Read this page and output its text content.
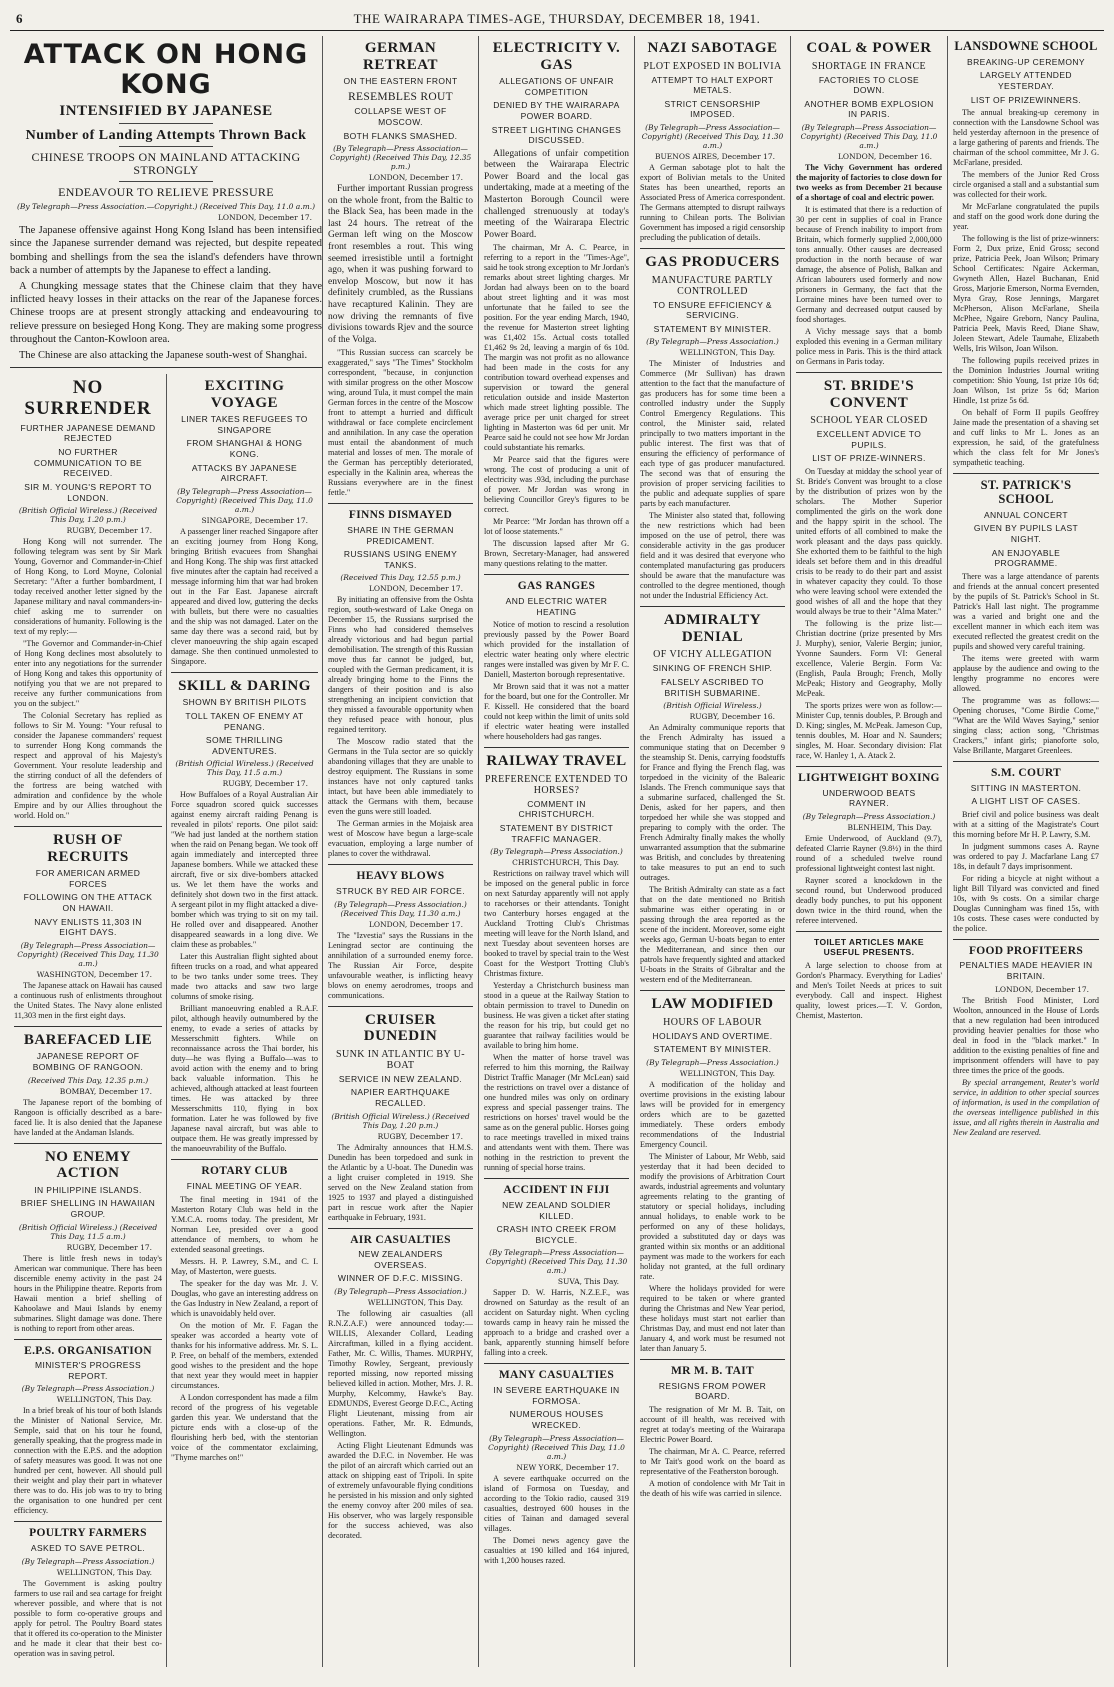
6	THE WAIRARAPA TIMES-AGE, THURSDAY, DECEMBER 18, 1941.
ATTACK ON HONG KONG
INTENSIFIED BY JAPANESE
Number of Landing Attempts Thrown Back
CHINESE TROOPS ON MAINLAND ATTACKING STRONGLY
ENDEAVOUR TO RELIEVE PRESSURE
(By Telegraph—Press Association.—Copyright.) (Received This Day, 11.0 a.m.)
LONDON, December 17.

The Japanese offensive against Hong Kong Island has been intensified since the Japanese surrender demand was rejected, but despite repeated bombing and shellings from the sea the island's defenders have thrown back a number of attempts by the Japanese to effect a landing.

A Chungking message states that the Chinese claim that they have inflicted heavy losses in their attacks on the rear of the Japanese forces. Chinese troops are at present strongly attacking and endeavouring to relieve pressure on besieged Hong Kong. They are making some progress throughout the Canton-Kowloon area.

The Chinese are also attacking the Japanese south-west of Shanghai.

NO SURRENDER
FURTHER JAPANESE DEMAND REJECTED
NO FURTHER COMMUNICATION TO BE RECEIVED.
SIR M. YOUNG'S REPORT TO LONDON.
(British Official Wireless.) (Received This Day, 1.20 p.m.)
RUGBY, December 17.

Hong Kong will not surrender. The following telegram was sent by Sir Mark Young, Governor and Commander-in-Chief of Hong Kong, to Lord Moyne, Colonial Secretary: "After a further bombardment, I today received another letter signed by the Japanese military and naval commanders-in-chief asking me to surrender on considerations of humanity. Following is the text of my reply:—

"The Governor and Commander-in-Chief of Hong Kong declines most absolutely to enter into any negotiations for the surrender of Hong Kong and takes this opportunity of notifying you that we are not prepared to receive any further communications from you on the subject."

The Colonial Secretary has replied as follows to Sir M. Young: "Your refusal to consider the Japanese commanders' request to surrender Hong Kong commands the respect and approval of his Majesty's Government. Your resolute leadership and the stirring conduct of all the defenders of the fortress are being watched with admiration and confidence by the whole Empire and by our Allies throughout the world. Hold on."

RUSH OF RECRUITS
FOR AMERICAN ARMED FORCES
FOLLOWING ON THE ATTACK ON HAWAII.
NAVY ENLISTS 11,303 IN EIGHT DAYS.
(By Telegraph—Press Association—Copyright) (Received This Day, 11.30 a.m.)
WASHINGTON, December 17.

The Japanese attack on Hawaii has caused a continuous rush of enlistments throughout the United States. The Navy alone enlisted 11,303 men in the first eight days.

BAREFACED LIE
JAPANESE REPORT OF BOMBING OF RANGOON.
(Received This Day, 12.35 p.m.)
BOMBAY, December 17.

The Japanese report of the bombing of Rangoon is officially described as a bare-faced lie. It is also denied that the Japanese have landed at the Andaman Islands.

NO ENEMY ACTION
IN PHILIPPINE ISLANDS.
BRIEF SHELLING IN HAWAIIAN GROUP.
(British Official Wireless.) (Received This Day, 11.5 a.m.)
RUGBY, December 17.

There is little fresh news in today's American war communique. There has been discernible enemy activity in the past 24 hours in the Philippine theatre. Reports from Hawaii mention a brief shelling of Kahoolawe and Maui Islands by enemy submarines. Slight damage was done. There is nothing to report from other areas.

E.P.S. ORGANISATION
MINISTER'S PROGRESS REPORT.
(By Telegraph—Press Association.)
WELLINGTON, This Day.

In a brief break of his tour of both Islands the Minister of National Service, Mr. Semple, said that on his tour he found, generally speaking, that the progress made in connection with the E.P.S. and the adoption of safety measures was good. It was not one hundred per cent, however. All should pull their weight and play their part in whatever there was to do. His job was to try to bring the organisation to one hundred per cent efficiency.

POULTRY FARMERS
ASKED TO SAVE PETROL.
(By Telegraph—Press Association.)
WELLINGTON, This Day.

The Government is asking poultry farmers to use rail and sea cartage for freight wherever possible, and where that is not possible to form co-operative groups and apply for petrol. The Poultry Board states that it offered its co-operation to the Minister and he made it clear that their best co-operation was in saving petrol.

EXCITING VOYAGE
LINER TAKES REFUGEES TO SINGAPORE
FROM SHANGHAI & HONG KONG.
ATTACKS BY JAPANESE AIRCRAFT.
(By Telegraph—Press Association—Copyright) (Received This Day, 11.0 a.m.)
SINGAPORE, December 17.

A passenger liner reached Singapore after an exciting journey from Hong Kong, bringing British evacuees from Shanghai and Hong Kong. The ship was first attacked five minutes after the captain had received a message informing him that war had broken out in the Far East. Japanese aircraft appeared and dived low, guttering the decks with bullets, but there were no casualties and the ship was not damaged. Later on the same day there was a second raid, but by clever manoeuvring the ship again escaped damage. She then continued unmolested to Singapore.

SKILL & DARING
SHOWN BY BRITISH PILOTS
TOLL TAKEN OF ENEMY AT PENANG.
SOME THRILLING ADVENTURES.
(British Official Wireless.) (Received This Day, 11.5 a.m.)
RUGBY, December 17.

How Buffaloes of a Royal Australian Air Force squadron scored quick successes against enemy aircraft raiding Penang is revealed in pilots' reports. One pilot said: "We had just landed at the northern station when the raid on Penang began. We took off again immediately and intercepted three Japanese bombers. While we attacked these aircraft, five or six dive-bombers attacked us. We let them have the works and definitely shot down two in the first attack. A sergeant pilot in my flight attacked a dive-bomber which was trying to sit on my tail. He rolled over and disappeared. Another disappeared seawards in a long dive. We claim these as probables."

Later this Australian flight sighted about fifteen trucks on a road, and what appeared to be two tanks under some trees. They made two attacks and saw two large columns of smoke rising.

Brilliant manoeuvring enabled a R.A.F. pilot, although heavily outnumbered by the enemy, to evade a series of attacks by Messerschmitt fighters. While on reconnaissance across the Thai border, his duty—he was flying a Buffalo—was to avoid action with the enemy and to bring back valuable information. This he achieved, although attacked at least fourteen times. He was attacked by three Messerschmitts 110, flying in box formation. Later he was followed by five Japanese naval aircraft, but was able to outpace them. He was greatly impressed by the manoeuvrability of the Buffalo.

ROTARY CLUB
FINAL MEETING OF YEAR.

The final meeting in 1941 of the Masterton Rotary Club was held in the Y.M.C.A. rooms today. The president, Mr Norman Lee, presided over a good attendance of members, to whom he extended seasonal greetings.

Messrs. H. P. Lawrey, S.M., and C. I. May, of Masterton, were guests.

The speaker for the day was Mr. J. V. Douglas, who gave an interesting address on the Gas Industry in New Zealand, a report of which is unavoidably held over.

On the motion of Mr. F. Fagan the speaker was accorded a hearty vote of thanks for his informative address. Mr. S. L. P. Free, on behalf of the members, extended good wishes to the president and the hope that next year they would meet in happier circumstances.

A London correspondent has made a film record of the progress of his vegetable garden this year. We understand that the picture ends with a close-up of the flourishing herb bed, with the stentorian voice of the commentator exclaiming, "Thyme marches on!"

GERMAN RETREAT
ON THE EASTERN FRONT
RESEMBLES ROUT
COLLAPSE WEST OF MOSCOW.
BOTH FLANKS SMASHED.
(By Telegraph—Press Association—Copyright) (Received This Day, 12.35 p.m.)
LONDON, December 17.

Further important Russian progress on the whole front, from the Baltic to the Black Sea, has been made in the last 24 hours. The retreat of the German left wing on the Moscow front resembles a rout. This wing seemed irresistible until a fortnight ago, when it was pushing forward to envelop Moscow, but now it has definitely crumbled, as the Russians have recaptured Kalinin. They are now driving the remnants of five divisions towards Rjev and the source of the Volga.

"This Russian success can scarcely be exaggerated," says "The Times" Stockholm correspondent, "because, in conjunction with similar progress on the other Moscow wing, around Tula, it must compel the main German forces in the centre of the Moscow front to attempt a hurried and difficult withdrawal or face complete encirclement and annihilation. In any case the operation must entail the abandonment of much material and losses of men. The morale of the German has perceptibly deteriorated, especially in the Kalinin area, whereas the Russians everywhere are in the finest fettle."

FINNS DISMAYED
SHARE IN THE GERMAN PREDICAMENT.
RUSSIANS USING ENEMY TANKS.
(Received This Day, 12.55 p.m.)
LONDON, December 17.

By initiating an offensive from the Oshta region, south-westward of Lake Onega on December 15, the Russians surprised the Finns who had considered themselves already victorious and had begun partial demobilisation. The strength of this Russian move thus far cannot be judged, but, coupled with the German predicament, it is already bringing home to the Finns the dangers of their position and is also strengthening an incipient conviction that they missed a favourable opportunity when they refused peace with honour, plus regained territory.

The Moscow radio stated that the Germans in the Tula sector are so quickly abandoning villages that they are unable to destroy equipment. The Russians in some instances have not only captured tanks intact, but have been able immediately to attack the Germans with them, because even the guns were still loaded.

The German armies in the Mojaisk area west of Moscow have begun a large-scale evacuation, employing a large number of planes to cover the withdrawal.

HEAVY BLOWS
STRUCK BY RED AIR FORCE.
(By Telegraph—Press Association.) (Received This Day, 11.30 a.m.)
LONDON, December 17.

The "Izvestia" says the Russians in the Leningrad sector are continuing the annihilation of a surrounded enemy force. The Russian Air Force, despite unfavourable weather, is inflicting heavy blows on enemy aerodromes, troops and communications.

CRUISER DUNEDIN
SUNK IN ATLANTIC BY U-BOAT
SERVICE IN NEW ZEALAND.
NAPIER EARTHQUAKE RECALLED.
(British Official Wireless.) (Received This Day, 1.20 p.m.)
RUGBY, December 17.

The Admiralty announces that H.M.S. Dunedin has been torpedoed and sunk in the Atlantic by a U-boat. The Dunedin was a light cruiser completed in 1919. She served on the New Zealand station from 1925 to 1937 and played a distinguished part in rescue work after the Napier earthquake in February, 1931.

AIR CASUALTIES
NEW ZEALANDERS OVERSEAS.
WINNER OF D.F.C. MISSING.
(By Telegraph—Press Association.)
WELLINGTON, This Day.

The following air casualties (all R.N.Z.A.F.) were announced today:— WILLIS, Alexander Collard, Leading Aircraftman, killed in a flying accident. Father, Mr. C. Willis, Thames. MURPHY, Timothy Rowley, Sergeant, previously reported missing, now reported missing believed killed in action. Mother, Mrs. J. R. Murphy, Kelcommy, Hawke's Bay. EDMUNDS, Everest George D.F.C., Acting Flight Lieutenant, missing from air operations. Father, Mr. R. Edmunds, Wellington.

Acting Flight Lieutenant Edmunds was awarded the D.F.C. in November. He was the pilot of an aircraft which carried out an attack on shipping east of Tripoli. In spite of extremely unfavourable flying conditions he persisted in his mission and only sighted the enemy convoy after 200 miles of sea. His observer, who was largely responsible for the success achieved, was also decorated.

ELECTRICITY V. GAS
ALLEGATIONS OF UNFAIR COMPETITION
DENIED BY THE WAIRARAPA POWER BOARD.
STREET LIGHTING CHANGES DISCUSSED.

Allegations of unfair competition between the Wairarapa Electric Power Board and the local gas undertaking, made at a meeting of the Masterton Borough Council were challenged strenuously at today's meeting of the Wairarapa Electric Power Board.

The chairman, Mr A. C. Pearce, in referring to a report in the "Times-Age", said he took strong exception to Mr Jordan's remarks about street lighting charges. Mr Jordan had always been on to the board about street lighting and it was most unfortunate that he failed to see the position. For the year ending March, 1940, the revenue for Masterton street lighting was £1,402 15s. Actual costs totalled £1,462 9s 2d, leaving a margin of 6s 10d. The margin was not profit as no allowance had been made in the costs for any contribution toward overhead expenses and supervision or toward the general reticulation outside and inside Masterton which made street lighting possible. The average price per unit charged for street lighting in Masterton was 6d per unit. Mr Pearce said he could not see how Mr Jordan could substantiate his remarks.

Mr Pearce said that the figures were wrong. The cost of producing a unit of electricity was .93d, including the purchase of power. Mr Jordan was wrong in believing Councillor Grey's figures to be correct.

Mr Pearce: "Mr Jordan has thrown off a lot of loose statements."

The discussion lapsed after Mr G. Brown, Secretary-Manager, had answered many questions relating to the matter.

GAS RANGES
AND ELECTRIC WATER HEATING

Notice of motion to rescind a resolution previously passed by the Power Board which provided for the installation of electric water heating only where electric ranges were installed was given by Mr F. C. Daniell, Masterton borough representative.

Mr Brown said that it was not a matter for the board, but one for the Controller. Mr F. Kissell. He considered that the board could not keep within the limit of units sold if electric water heating were installed where householders had gas ranges.

RAILWAY TRAVEL
PREFERENCE EXTENDED TO HORSES?
COMMENT IN CHRISTCHURCH.
STATEMENT BY DISTRICT TRAFFIC MANAGER.
(By Telegraph—Press Association.)
CHRISTCHURCH, This Day.

Restrictions on railway travel which will be imposed on the general public in force on next Saturday apparently will not apply to racehorses or their attendants. Tonight two Canterbury horses engaged at the Auckland Trotting Club's Christmas meeting will leave for the North Island, and next Tuesday about seventeen horses are booked to travel by special train to the West Coast for the Westport Trotting Club's Christmas fixture.

Yesterday a Christchurch business man stood in a queue at the Railway Station to obtain permission to travel to Dunedin on business. He was given a ticket after stating the reason for his trip, but could get no guarantee that railway facilities would be available to bring him home.

When the matter of horse travel was referred to him this morning, the Railway District Traffic Manager (Mr McLean) said the restrictions on travel over a distance of one hundred miles was only on ordinary express and special passenger trains. The restrictions on horses' travel would be the same as on the general public. Horses going to race meetings travelled in mixed trains and attendants went with them. There was nothing in the restriction to prevent the running of special horse trains.

ACCIDENT IN FIJI
NEW ZEALAND SOLDIER KILLED.
CRASH INTO CREEK FROM BICYCLE.
(By Telegraph—Press Association—Copyright) (Received This Day, 11.30 a.m.)
SUVA, This Day.

Sapper D. W. Harris, N.Z.E.F., was drowned on Saturday as the result of an accident on Saturday night. When cycling towards camp in heavy rain he missed the approach to a bridge and crashed over a bank, apparently stunning himself before falling into a creek.

MANY CASUALTIES
IN SEVERE EARTHQUAKE IN FORMOSA.
NUMEROUS HOUSES WRECKED.
(By Telegraph—Press Association—Copyright) (Received This Day, 11.0 a.m.)
NEW YORK, December 17.

A severe earthquake occurred on the island of Formosa on Tuesday, and according to the Tokio radio, caused 319 casualties, destroyed 600 houses in the cities of Tainan and damaged several villages.

The Domei news agency gave the casualties at 190 killed and 164 injured, with 1,200 houses razed.

NAZI SABOTAGE
PLOT EXPOSED IN BOLIVIA
ATTEMPT TO HALT EXPORT METALS.
STRICT CENSORSHIP IMPOSED.
(By Telegraph—Press Association—Copyright) (Received This Day, 11.30 a.m.)
BUENOS AIRES, December 17.

A German sabotage plot to halt the export of Bolivian metals to the United States has been unearthed, reports an Associated Press of America correspondent. The Germans attempted to disrupt railways running to Chilean ports. The Bolivian Government has imposed a rigid censorship precluding the publication of details.

GAS PRODUCERS
MANUFACTURE PARTLY CONTROLLED
TO ENSURE EFFICIENCY & SERVICING.
STATEMENT BY MINISTER.
(By Telegraph—Press Association.)
WELLINGTON, This Day.

The Minister of Industries and Commerce (Mr Sullivan) has drawn attention to the fact that the manufacture of gas producers has for some time been a controlled industry under the Supply Control Emergency Regulations. This control, the Minister said, related principally to two matters important in the public interest. The first was that of ensuring the efficiency of performance of each type of gas producer manufactured. The second was that of ensuring the provision of proper servicing facilities to the public and adequate supplies of spare parts by each manufacturer.

The Minister also stated that, following the new restrictions which had been imposed on the use of petrol, there was considerable activity in the gas producer field and it was desired that everyone who contemplated manufacturing gas producers should be aware that the manufacture was controlled to the degree mentioned, though not under the Industrial Efficiency Act.

ADMIRALTY DENIAL
OF VICHY ALLEGATION
SINKING OF FRENCH SHIP.
FALSELY ASCRIBED TO BRITISH SUBMARINE.
(British Official Wireless.)
RUGBY, December 16.

An Admiralty communique reports that the French Admiralty has issued a communique stating that on December 9 the steamship St. Denis, carrying foodstuffs for France and flying the French flag, was torpedoed in the vicinity of the Balearic Islands. The French communique says that a submarine surfaced, challenged the St. Denis, asked for her papers, and then torpedoed her while she was stopped and preparing to comply with the order. The French Admiralty finally makes the wholly unwarranted assumption that the submarine was British, and concludes by threatening to take measures to put an end to such outrages.

The British Admiralty can state as a fact that on the date mentioned no British submarine was either operating in or passing through the area reported as the scene of the incident. Moreover, some eight weeks ago, German U-boats began to enter the Mediterranean, and since then our patrols have frequently sighted and attacked U-boats in the Straits of Gibraltar and the western end of the Mediterranean.

LAW MODIFIED
HOURS OF LABOUR
HOLIDAYS AND OVERTIME.
STATEMENT BY MINISTER.
(By Telegraph—Press Association.)
WELLINGTON, This Day.

A modification of the holiday and overtime provisions in the existing labour laws will be provided for in emergency orders which are to be gazetted immediately. These orders embody recommendations of the Industrial Emergency Council.

The Minister of Labour, Mr Webb, said yesterday that it had been decided to modify the provisions of Arbitration Court awards, industrial agreements and voluntary agreements relating to the granting of statutory or special holidays, including annual holidays, to enable work to be performed on any of these holidays, provided a substituted day or days was granted within six months or an additional payment was made to the workers for each holiday not granted, at the full ordinary rate.

Where the holidays provided for were required to be taken or where granted during the Christmas and New Year period, these holidays must start not earlier than Christmas Day, and must end not later than January 4, and work must be resumed not later than January 5.

MR M. B. TAIT
RESIGNS FROM POWER BOARD.

The resignation of Mr M. B. Tait, on account of ill health, was received with regret at today's meeting of the Wairarapa Electric Power Board.

The chairman, Mr A. C. Pearce, referred to Mr Tait's good work on the board as representative of the Featherston borough.

A motion of condolence with Mr Tait in the death of his wife was carried in silence.

COAL & POWER
SHORTAGE IN FRANCE
FACTORIES TO CLOSE DOWN.
ANOTHER BOMB EXPLOSION IN PARIS.
(By Telegraph—Press Association—Copyright) (Received This Day, 11.0 a.m.)
LONDON, December 16.

The Vichy Government has ordered the majority of factories to close down for two weeks as from December 21 because of a shortage of coal and electric power.

It is estimated that there is a reduction of 30 per cent in supplies of coal in France because of French inability to import from Britain, which formerly supplied 2,000,000 tons annually. Other causes are decreased production in the north because of war damage, the absence of Polish, Balkan and African labourers used formerly and now prisoners in Germany, the fact that the Lorraine mines have been turned over to Germany and decreased output caused by food shortages.

A Vichy message says that a bomb exploded this evening in a German military police mess in Paris. This is the third attack on Germans in Paris today.

ST. BRIDE'S CONVENT
SCHOOL YEAR CLOSED
EXCELLENT ADVICE TO PUPILS.
LIST OF PRIZE-WINNERS.

On Tuesday at midday the school year of St. Bride's Convent was brought to a close by the distribution of prizes won by the scholars. The Mother Superior complimented the girls on the work done and the happy spirit in the school. The united efforts of all combined to make the work pleasant and the days pass quickly. She exhorted them to be faithful to the high ideals set before them and in this dreadful crisis to be ready to do their part and assist in whatever capacity they could. To those who were leaving school were extended the good wishes of all and the hope that they would always be true to their "Alma Mater."

The following is the prize list:— Christian doctrine (prize presented by Mrs J. Murphy), senior, Valerie Bergin; junior, Yvonne Saunders. Form VI: General excellence, Valerie Bergin. Form Va: (English, Paula Brough; French, Molly McPeak; History and Geography, Molly McPeak.

The sports prizes were won as follow:—Minister Cup, tennis doubles, P. Brough and D. King; singles, M. McPeak. Jameson Cup, tennis doubles, M. Hoar and N. Saunders; singles, M. Hoar. Secondary division: Flat race, W. Hanley 1, A. Atack 2.

LIGHTWEIGHT BOXING
UNDERWOOD BEATS RAYNER.
(By Telegraph—Press Association.)
BLENHEIM, This Day.

Ernie Underwood, of Auckland (9.7), defeated Clarrie Rayner (9.8½) in the third round of a scheduled twelve round professional lightweight contest last night.

Rayner scored a knockdown in the second round, but Underwood produced deadly body punches, to put his opponent down twice in the third round, when the referee intervened.

TOILET ARTICLES MAKE USEFUL PRESENTS.

A large selection to choose from at Gordon's Pharmacy. Everything for Ladies' and Men's Toilet Needs at prices to suit everybody. Call and inspect. Highest quality, lowest prices.—T. V. Gordon, Chemist, Masterton.

LANSDOWNE SCHOOL
BREAKING-UP CEREMONY
LARGELY ATTENDED YESTERDAY.
LIST OF PRIZEWINNERS.

The annual breaking-up ceremony in connection with the Lansdowne School was held yesterday afternoon in the presence of a large gathering of parents and friends. The chairman of the school committee, Mr J. G. McFarlane, presided.

The members of the Junior Red Cross circle organised a stall and a substantial sum was collected for their work.

Mr McFarlane congratulated the pupils and staff on the good work done during the year.

The following is the list of prize-winners: Form 2, Dux prize, Enid Gross; second prize, Patricia Peek, Joan Wilson; Primary School Certificates: Ngaire Ackerman, Gwyneth Allen, Hazel Buchanan, Enid Gross, Marjorie Emerson, Norma Evernden, Myra Gray, Rose Jennings, Margaret McPherson, Alison McFarlane, Sheila McPhee, Ngaire Greborn, Nancy Paulina, Patricia Peek, Mavis Reed, Diane Shaw, Joleen Stewart, Adele Taumahe, Elizabeth Wells, Iris Wilson, Joan Wilson.

The following pupils received prizes in the Dominion Industries Journal writing competition: Shio Young, 1st prize 10s 6d; Joan Wilson, 1st prize 5s 6d; Marion Hindle, 1st prize 5s 6d.

On behalf of Form II pupils Geoffrey Jaine made the presentation of a shaving set and cuff links to Mr L. Jones as an expression, he said, of the gratefulness which the class felt for Mr Jones's sympathetic teaching.

ST. PATRICK'S SCHOOL
ANNUAL CONCERT
GIVEN BY PUPILS LAST NIGHT.
AN ENJOYABLE PROGRAMME.

There was a large attendance of parents and friends at the annual concert presented by the pupils of St. Patrick's School in St. Patrick's Hall last night. The programme was a varied and bright one and the excellent manner in which each item was executed reflected the greatest credit on the pupils and showed very careful training.

The items were greeted with warm applause by the audience and owing to the lengthy programme no encores were allowed.

The programme was as follows:—Opening choruses, "Come Birdie Come," "What are the Wild Waves Saying," senior singing class; action song, "Christmas Crackers," infant girls; pianoforte solo, Valse Brillante, Margaret Greenlees.

S.M. COURT
SITTING IN MASTERTON.
A LIGHT LIST OF CASES.

Brief civil and police business was dealt with at a sitting of the Magistrate's Court this morning before Mr H. P. Lawry, S.M.

In judgment summons cases A. Rayne was ordered to pay J. Macfarlane Lang £7 18s, in default 7 days imprisonment.

For riding a bicycle at night without a light Bill Tilyard was convicted and fined 10s, with 9s costs. On a similar charge Douglas Cunningham was fined 15s, with 10s costs. These cases were conducted by the police.

FOOD PROFITEERS
PENALTIES MADE HEAVIER IN BRITAIN.
LONDON, December 17.

The British Food Minister, Lord Woolton, announced in the House of Lords that a new regulation had been introduced providing heavier penalties for those who deal in food in the "black market." In addition to the existing penalties of fine and imprisonment offenders will have to pay three times the price of the goods.

By special arrangement, Reuter's world service, in addition to other special sources of information, is used in the compilation of the overseas intelligence published in this issue, and all rights therein in Australia and New Zealand are reserved.
